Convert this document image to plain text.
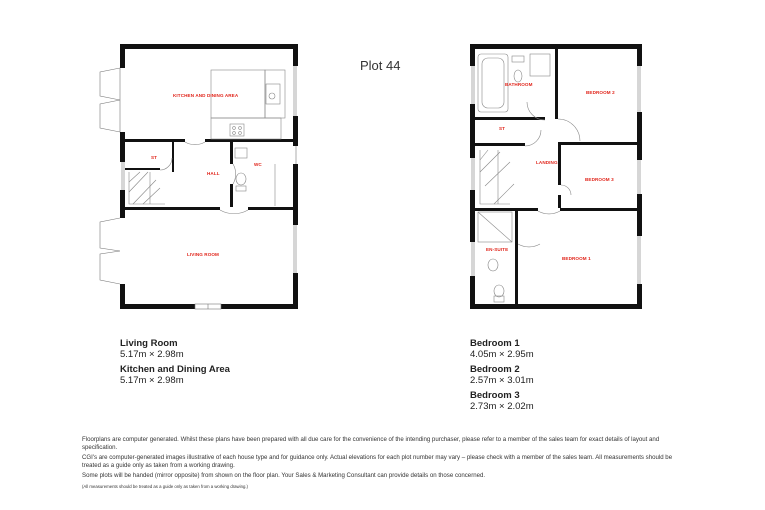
Plot 44
KITCHEN AND DINING AREA
ST
HALL
WC
LIVING ROOM
BATHROOM
BEDROOM 2
ST
LANDING
BEDROOM 3
EN-SUITE
BEDROOM 1
Living Room
5.17m × 2.98m
Kitchen and Dining Area
5.17m × 2.98m
Bedroom 1
4.05m × 2.95m
Bedroom 2
2.57m × 3.01m
Bedroom 3
2.73m × 2.02m

Floorplans are computer generated. Whilst these plans have been prepared with all due care for the convenience of the intending purchaser, please refer to a member of the sales team for exact details of layout and specification.

CGI's are computer-generated images illustrative of each house type and for guidance only. Actual elevations for each plot number may vary – please check with a member of the sales team. All measurements should be treated as a guide only as taken from a working drawing.

Some plots will be handed (mirror opposite) from shown on the floor plan. Your Sales & Marketing Consultant can provide details on those concerned.

(All measurements should be treated as a guide only as taken from a working drawing.)
